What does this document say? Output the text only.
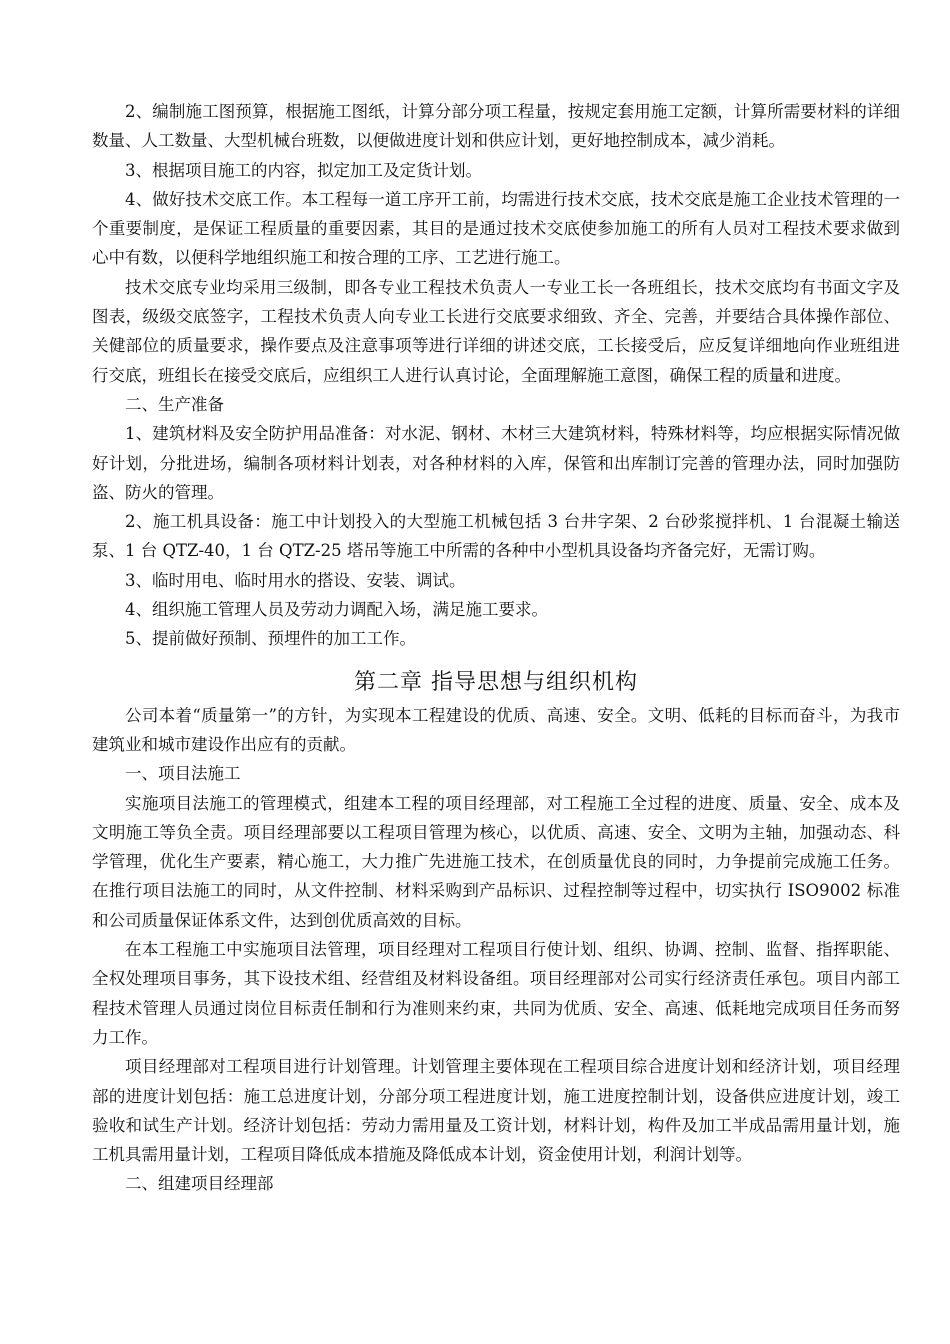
2、编制施工图预算，根据施工图纸，计算分部分项工程量，按规定套用施工定额，计算所需要材料的详细数量、人工数量、大型机械台班数，以便做进度计划和供应计划，更好地控制成本，减少消耗。

3、根据项目施工的内容，拟定加工及定货计划。

4、做好技术交底工作。本工程每一道工序开工前，均需进行技术交底，技术交底是施工企业技术管理的一个重要制度，是保证工程质量的重要因素，其目的是通过技术交底使参加施工的所有人员对工程技术要求做到心中有数，以便科学地组织施工和按合理的工序、工艺进行施工。

技术交底专业均采用三级制，即各专业工程技术负责人一专业工长一各班组长，技术交底均有书面文字及图表，级级交底签字，工程技术负责人向专业工长进行交底要求细致、齐全、完善，并要结合具体操作部位、关健部位的质量要求，操作要点及注意事项等进行详细的讲述交底，工长接受后，应反复详细地向作业班组进行交底，班组长在接受交底后，应组织工人进行认真讨论，全面理解施工意图，确保工程的质量和进度。

二、生产准备

1、建筑材料及安全防护用品准备：对水泥、钢材、木材三大建筑材料，特殊材料等，均应根据实际情况做好计划，分批进场，编制各项材料计划表，对各种材料的入库，保管和出库制订完善的管理办法，同时加强防盗、防火的管理。

2、施工机具设备：施工中计划投入的大型施工机械包括 3 台井字架、2 台砂浆搅拌机、1 台混凝土输送泵、1 台 QTZ-40，1 台 QTZ-25 塔吊等施工中所需的各种中小型机具设备均齐备完好，无需订购。

3、临时用电、临时用水的搭设、安装、调试。

4、组织施工管理人员及劳动力调配入场，满足施工要求。

5、提前做好预制、预埋件的加工工作。

第二章 指导思想与组织机构

公司本着“质量第一”的方针，为实现本工程建设的优质、高速、安全。文明、低耗的目标而奋斗，为我市建筑业和城市建设作出应有的贡献。

一、项目法施工

实施项目法施工的管理模式，组建本工程的项目经理部，对工程施工全过程的进度、质量、安全、成本及文明施工等负全责。项目经理部要以工程项目管理为核心，以优质、高速、安全、文明为主轴，加强动态、科学管理，优化生产要素，精心施工，大力推广先进施工技术，在创质量优良的同时，力争提前完成施工任务。在推行项目法施工的同时，从文件控制、材料采购到产品标识、过程控制等过程中，切实执行 ISO9002 标准和公司质量保证体系文件，达到创优质高效的目标。

在本工程施工中实施项目法管理，项目经理对工程项目行使计划、组织、协调、控制、监督、指挥职能、全权处理项目事务，其下设技术组、经营组及材料设备组。项目经理部对公司实行经济责任承包。项目内部工程技术管理人员通过岗位目标责任制和行为准则来约束，共同为优质、安全、高速、低耗地完成项目任务而努力工作。

项目经理部对工程项目进行计划管理。计划管理主要体现在工程项目综合进度计划和经济计划，项目经理部的进度计划包括：施工总进度计划，分部分项工程进度计划，施工进度控制计划，设备供应进度计划，竣工验收和试生产计划。经济计划包括：劳动力需用量及工资计划，材料计划，构件及加工半成品需用量计划，施工机具需用量计划，工程项目降低成本措施及降低成本计划，资金使用计划，利润计划等。

二、组建项目经理部
